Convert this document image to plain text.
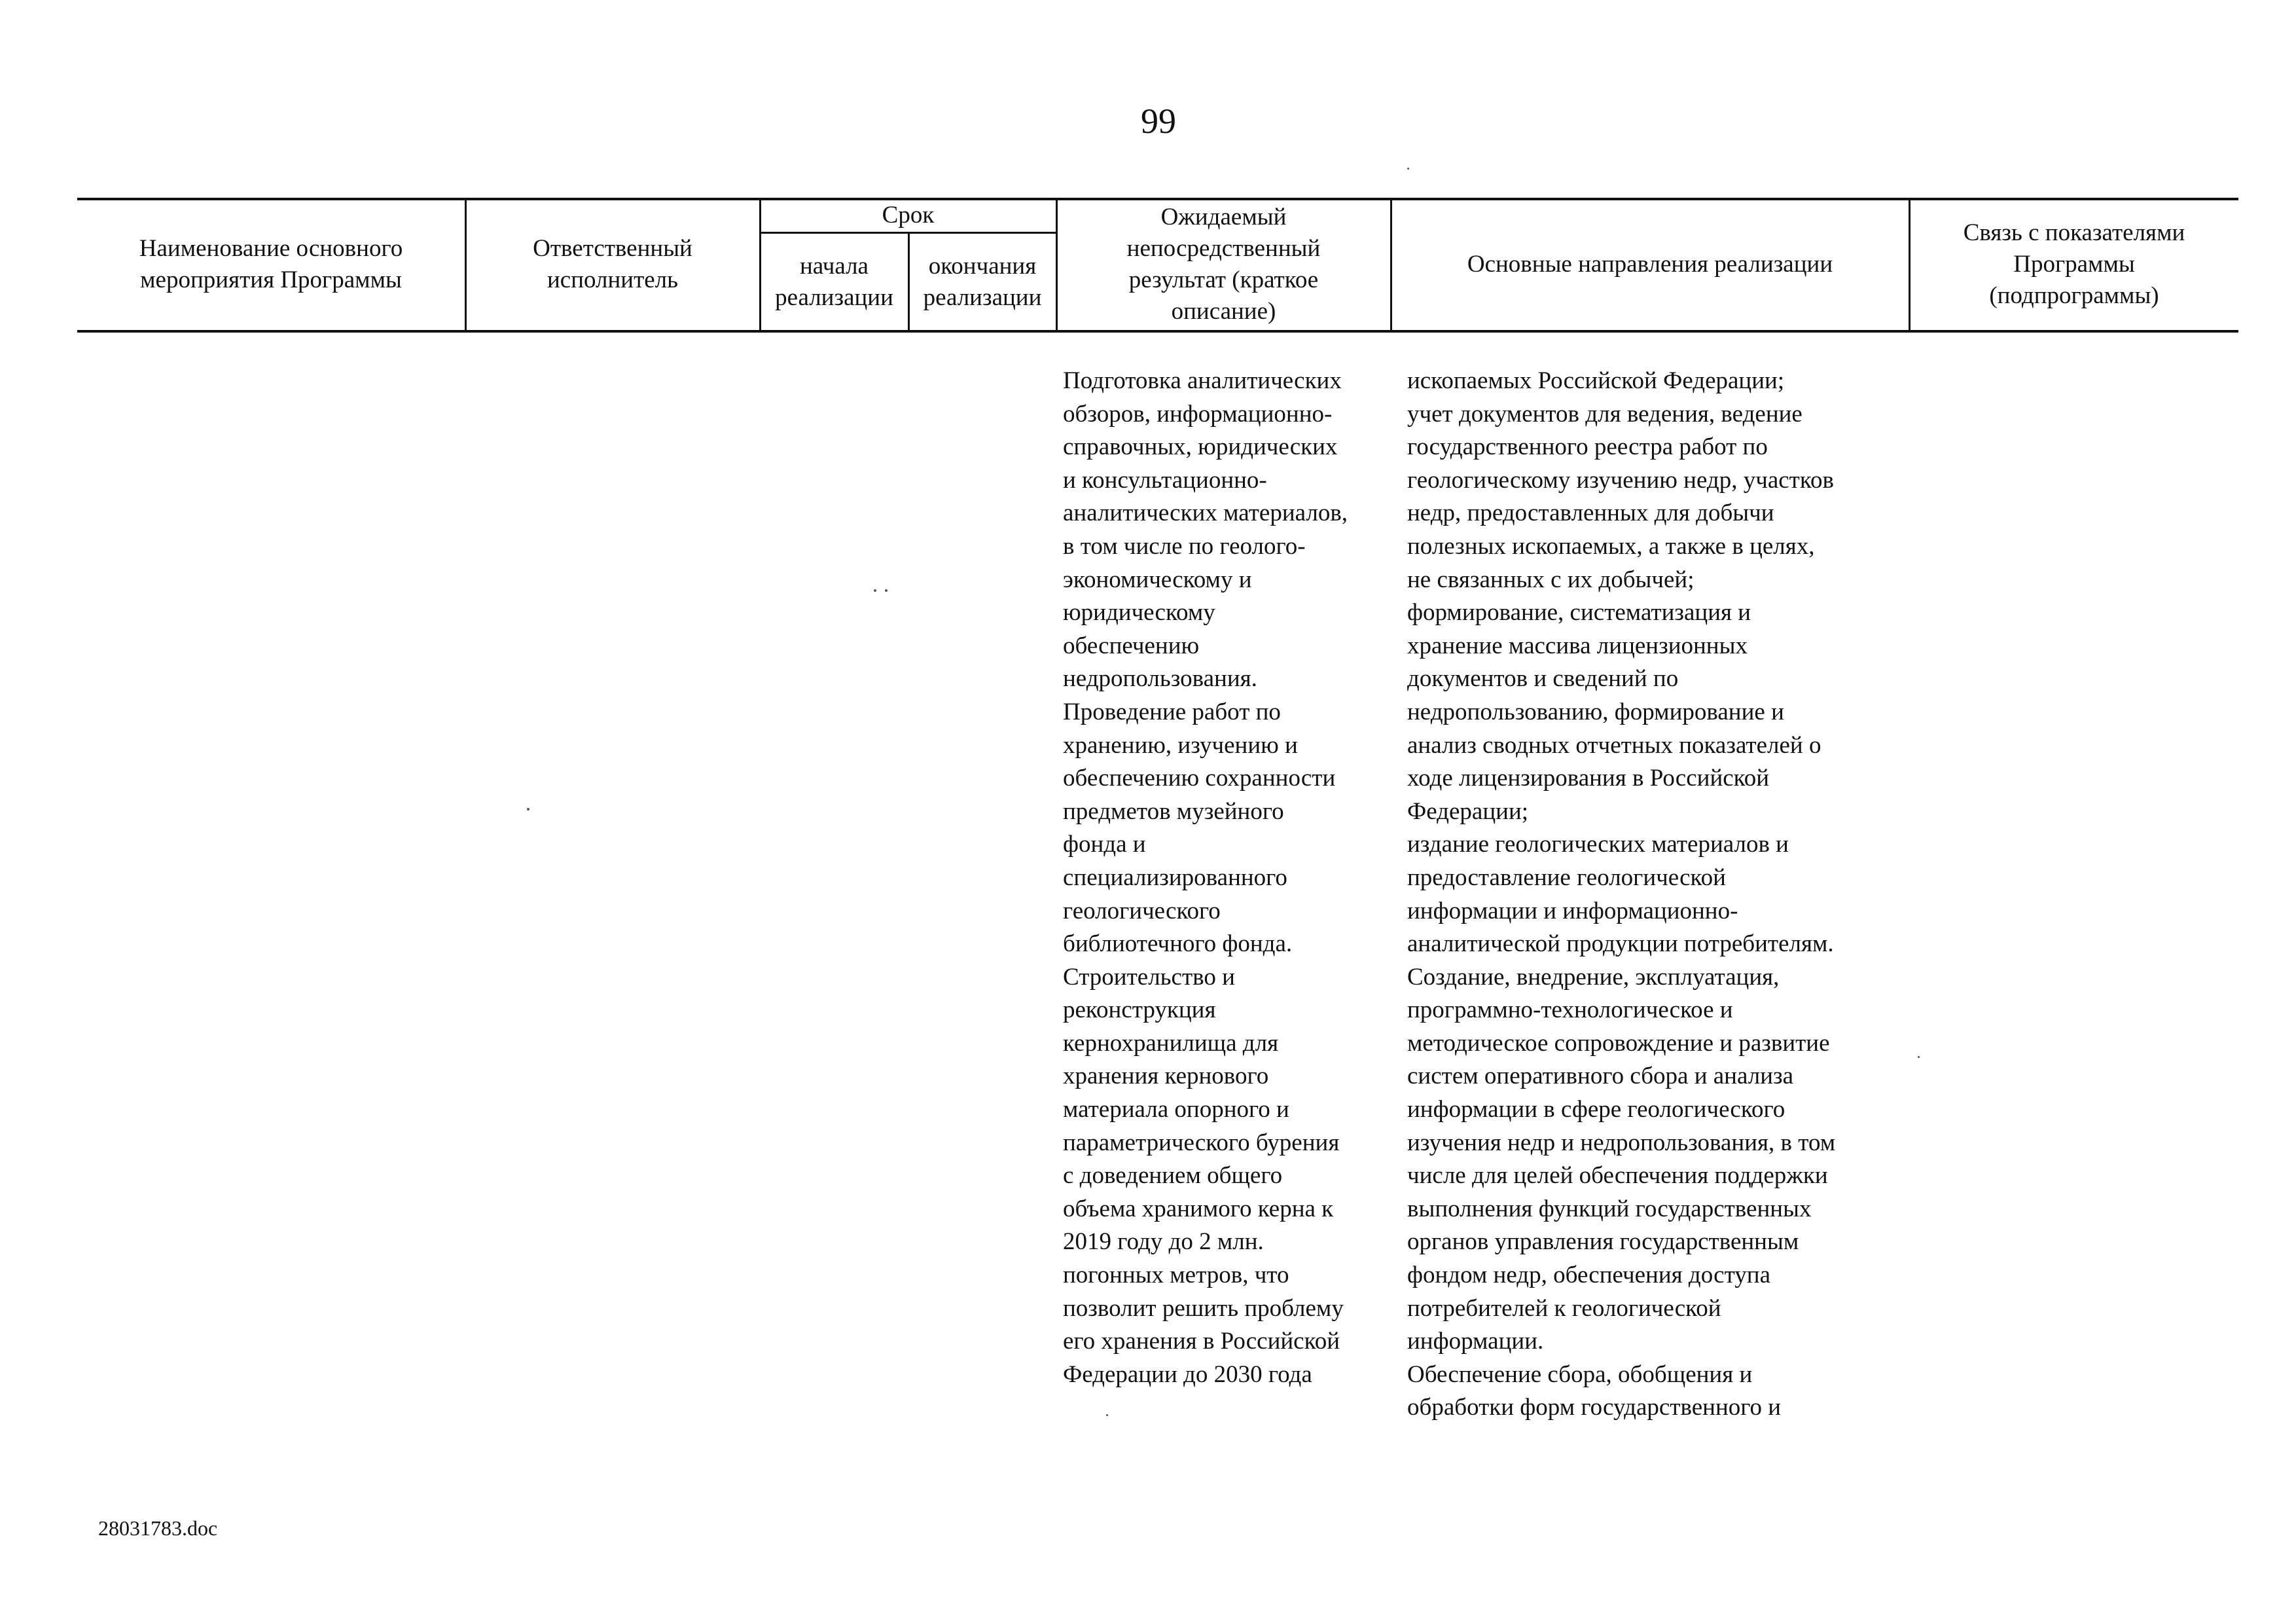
99
Наименование основного
мероприятия Программы
Ответственный
исполнитель
Срок
начала
реализации
окончания
реализации
Ожидаемый
непосредственный
результат (краткое
описание)
Основные направления реализации
Связь с показателями
Программы
(подпрограммы)
Подготовка аналитических
обзоров, информационно-
справочных, юридических
и консультационно-
аналитических материалов,
в том числе по геолого-
экономическому и
юридическому
обеспечению
недропользования.
Проведение работ по
хранению, изучению и
обеспечению сохранности
предметов музейного
фонда и
специализированного
геологического
библиотечного фонда.
Строительство и
реконструкция
кернохранилища для
хранения кернового
материала опорного и
параметрического бурения
с доведением общего
объема хранимого керна к
2019 году до 2 млн.
погонных метров, что
позволит решить проблему
его хранения в Российской
Федерации до 2030 года
ископаемых Российской Федерации;
учет документов для ведения, ведение
государственного реестра работ по
геологическому изучению недр, участков
недр, предоставленных для добычи
полезных ископаемых, а также в целях,
не связанных с их добычей;
формирование, систематизация и
хранение массива лицензионных
документов и сведений по
недропользованию, формирование и
анализ сводных отчетных показателей о
ходе лицензирования в Российской
Федерации;
издание геологических материалов и
предоставление геологической
информации и информационно-
аналитической продукции потребителям.
Создание, внедрение, эксплуатация,
программно-технологическое и
методическое сопровождение и развитие
систем оперативного сбора и анализа
информации в сфере геологического
изучения недр и недропользования, в том
числе для целей обеспечения поддержки
выполнения функций государственных
органов управления государственным
фондом недр, обеспечения доступа
потребителей к геологической
информации.
Обеспечение сбора, обобщения и
обработки форм государственного и
28031783.doc
